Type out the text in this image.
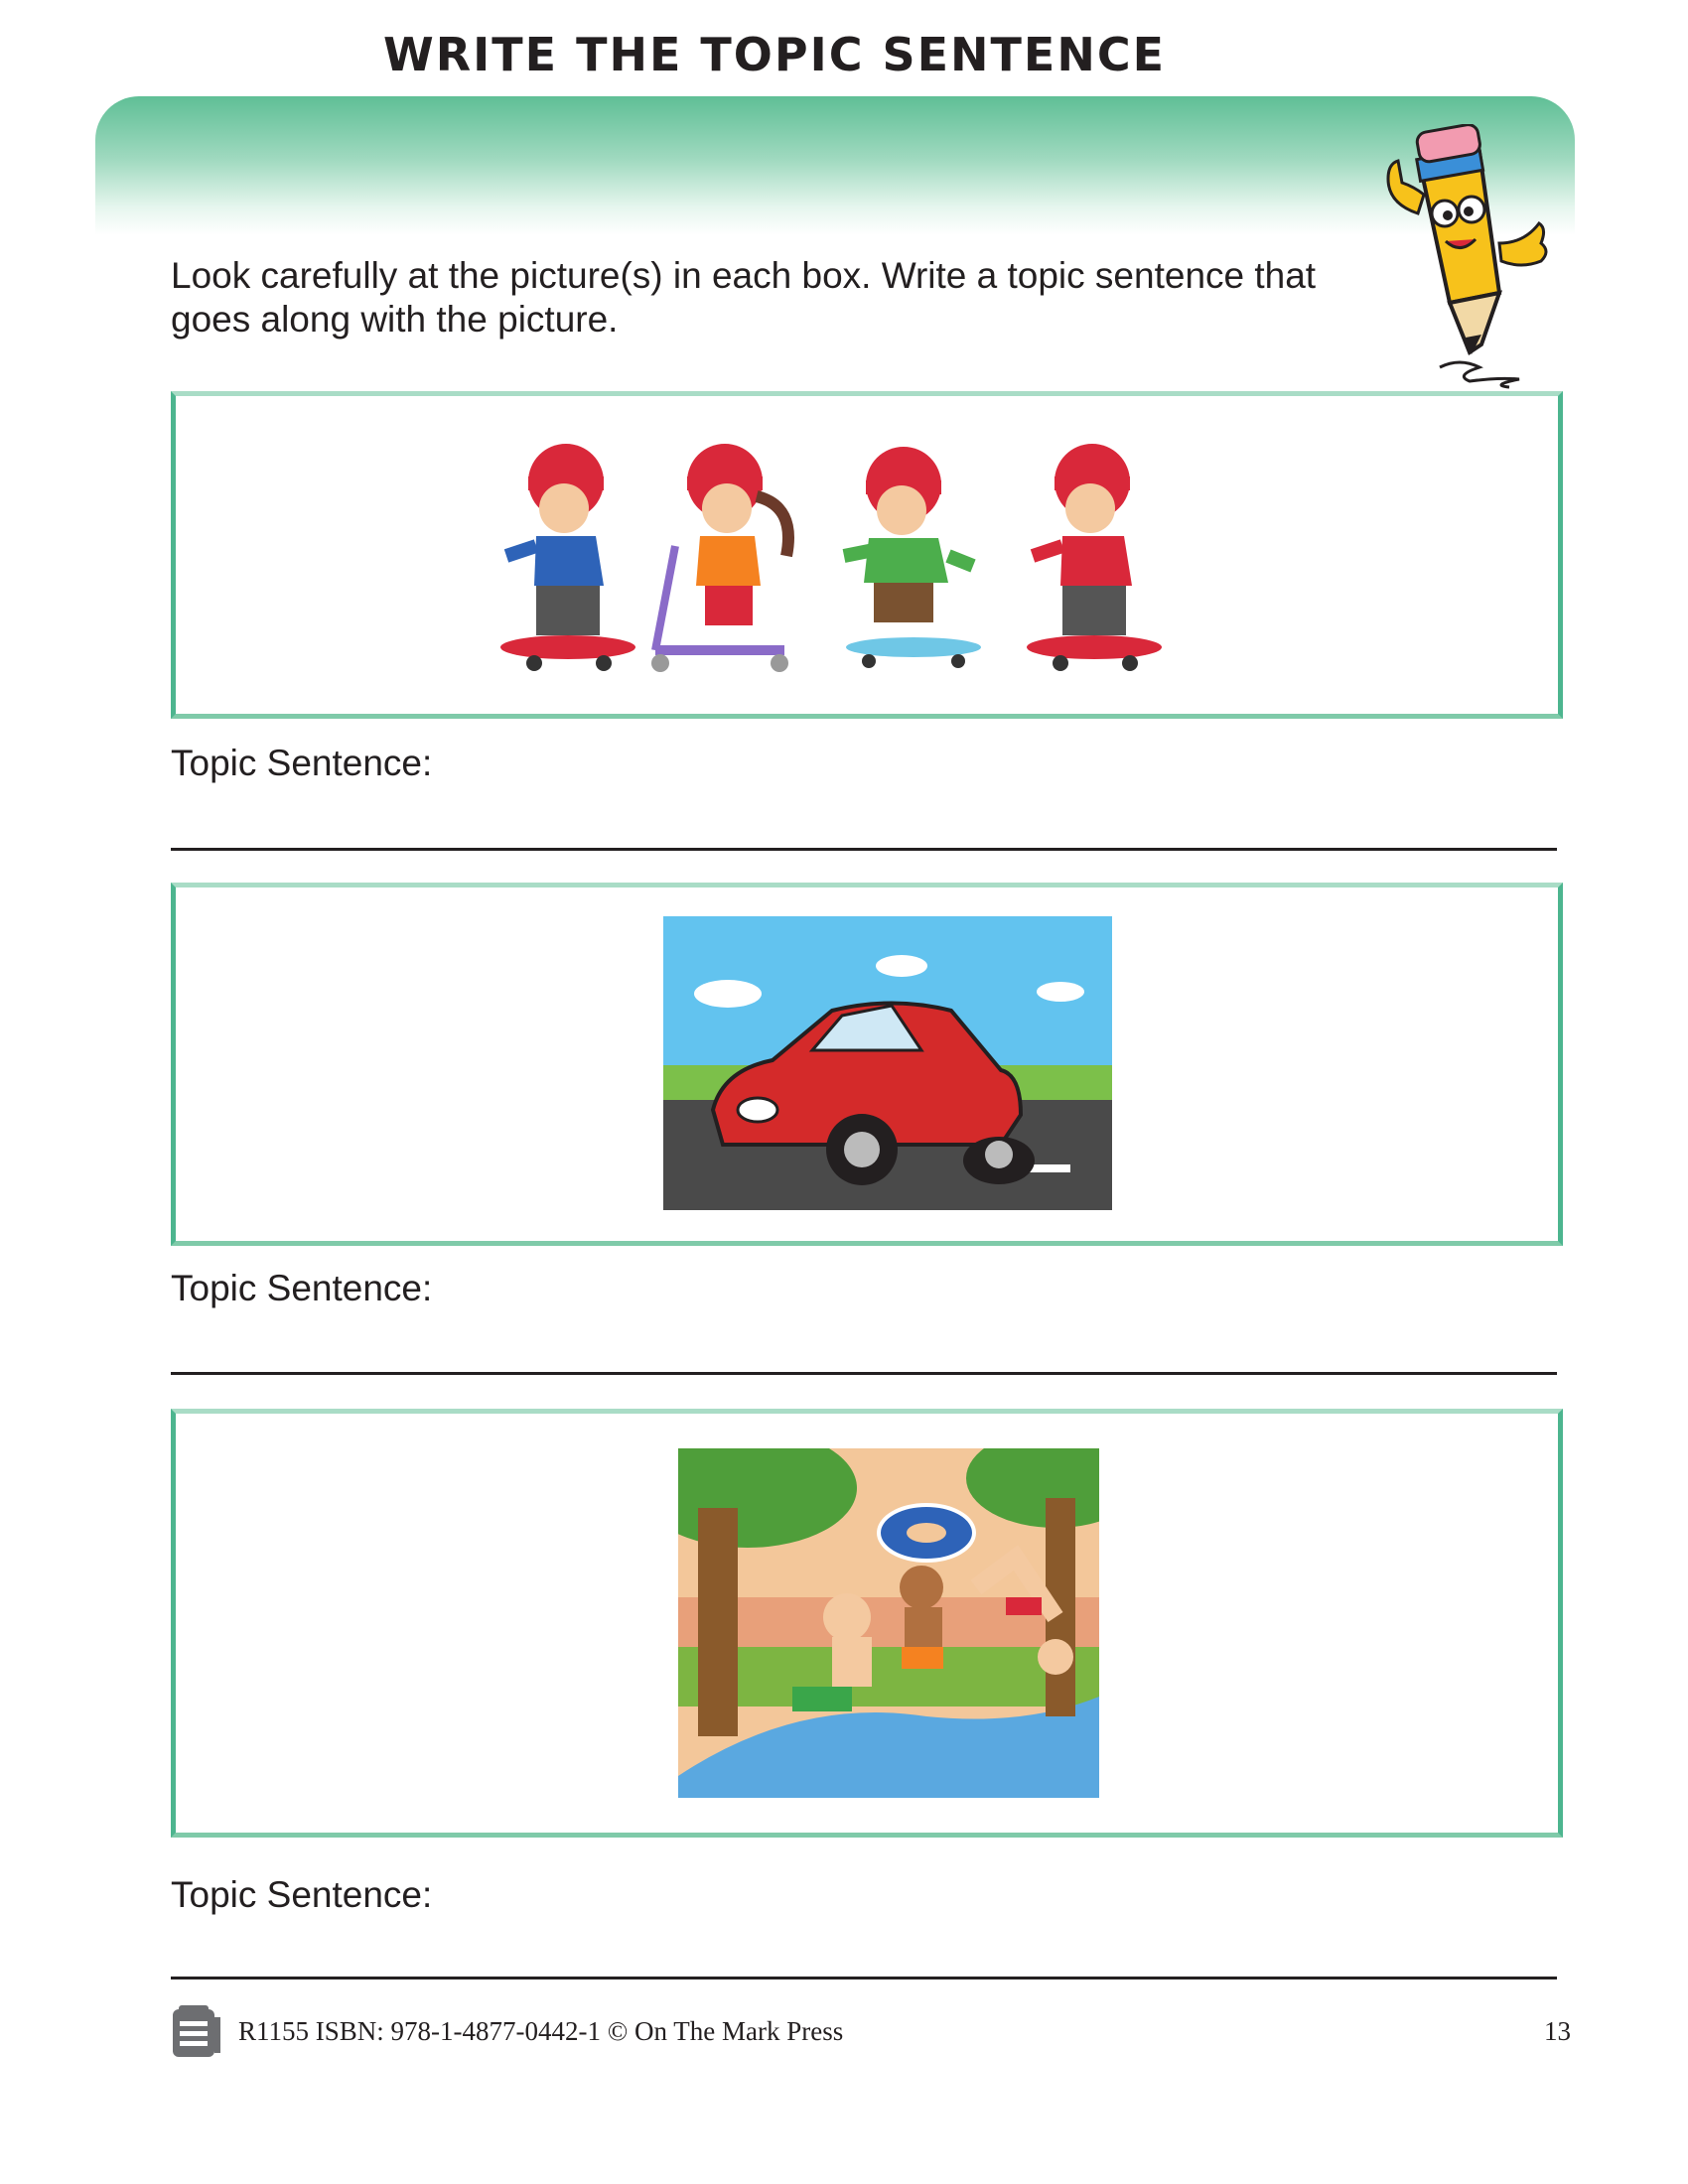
WRITE THE TOPIC SENTENCE
Look carefully at the picture(s) in each box. Write a topic sentence that goes along with the picture.
Topic Sentence:
Topic Sentence:
Topic Sentence:
R1155 ISBN: 978-1-4877-0442-1 © On The Mark Press	13
